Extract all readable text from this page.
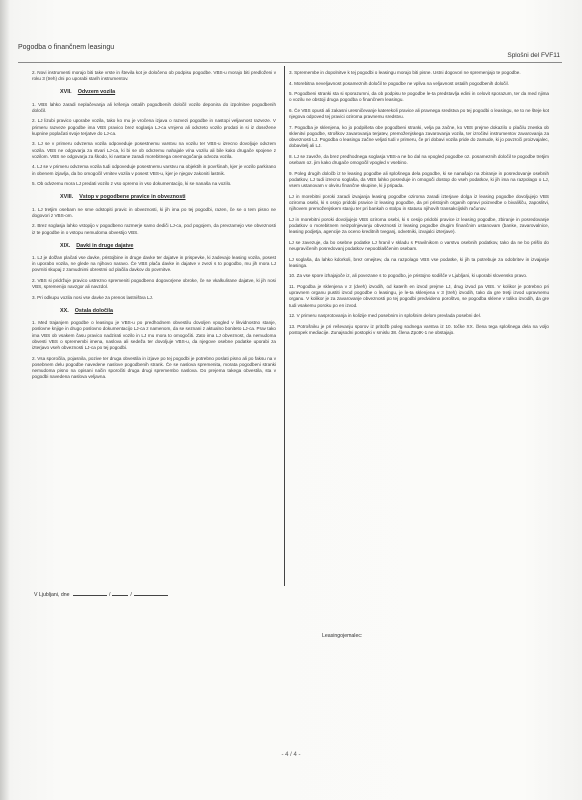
Pogodba o finančnem leasingu
Splošni del FVF11

2. Novi instrumenti morajo biti take vrste in števila kot je določeno ob podpisu pogodbe. VBS-u morajo biti predloženi v roku 3 (treh) dni po uporabi starih instrumentov.

XVII. Odvzem vozila

1. VBS lahko zaradi neplačevanja ali kršenja ostalih pogodbenih določil vozilo deponira do izpolnitve pogodbenih določil.

2. LJ lizubi pravico uporabe vozila, tako ko mu je vročena izjava o razvezi pogodbe in nastopi veljavnost razveze. V primeru razveze pogodbe ima VBS pravico brez soglasja LJ-ca vrnjeno ali odvzeto vozilo prodati in si iz dosežene kupnine poplačati svoje terjatve do LJ-ca.

3. LJ se v primeru odvzema vozila odpoveduje posestnemu varstvu na vozilu ter VBS-u izrecno dovoljuje odvzem vozila. VBS ne odgovarja za stvari LJ-ca, ki bi se ob odvzemu nahajale v/na vozilu ali bile kako drugače spojene z vozilom. VBS ne odgovarja za škodo, ki nastane zaradi morebitnega onemogočanja odvoza vozila.

4. LJ se v primeru odvzema vozila tudi odpoveduje posestnemu varstvu na objektih in površinah, kjer je vozilo parkirano in obenem izjavlja, da bo omogočil vrnitev vozila v posest VBS-u, kjer je njegov zakoniti lastnik.

5. Ob odvzemu mora LJ predati vozilo z vso opremo in vso dokumentacijo, ki se nanaša na vozilo.

XVIII. Vstop v pogodbene pravice in obveznosti

1. LJ tretjim osebam ne sme odstopiti pravic in obveznosti, ki jih ima po tej pogodbi, razen, če se o tem pisno ne dogovori z VBS-om.

2. Brez soglasja lahko vstopijo v pogodbeno razmerje samo dediči LJ-ca, pod pogojem, da prevzamejo vse obveznosti iz te pogodbe in o vstopu nemudoma obvestijo VBS.

XIX. Davki in druge dajatve

1. LJ je dolžan plačati vse davke, pristojbine in druge davke ter dajatve in prispevke, ki zadevajo leasing vozila, posest in uporabo vozila, ne glede na njihovo naravo. Če VBS plača davke in dajatve v zvezi s to pogodbo, mu jih mora LJ povrniti skupaj z zamudnimi obrestmi od plačila davkov do povrnitve.

2. VBS si pridržuje pravico ustrezno spremeniti pogodbeno dogovorjene obroke, če se vkalkulirane dajatve, ki jih nosi VBS, spremenijo navzgor ali navzdol.

3. Pri odkupu vozila nosi vse davke za prenos lastništva LJ.

XX. Ostala določila

1. Med trajanjem pogodbe o leasingu je VBS-u po predhodnem obvestilu dovoljen vpogled v likvidnostno stanje, poslovne knjige in drugo poslovno dokumentacijo LJ-ca z namenom, da se seznani z aktualno boniteto LJ-ca. Prav tako ima VBS ob vsakem času pravico nadzirati vozilo in LJ mu mora to omogočiti. Zato ima LJ obveznost, da nemudoma obvesti VBS o spremembi imena, naslova ali sedeža ter dovoljuje VBS-u, da njegove osebne podatke uporabi za izterjavo vseh obveznosti LJ-ca po tej pogodbi.

2. Vsa sporočila, pojasnila, pozive ter druga obvestila in izjave po tej pogodbi je potrebno poslati pisno ali po faksu na v posebnem delu pogodbe navedene naslove pogodbenih strank. Če se naslova spremenita, morata pogodbeni stranki nemudoma pisno na opisani način sporočiti druga drugi spremembo naslova. Do prejema takega obvestila, sta v pogodbi navedena naslova veljavna.

3. Spremembe in dopolnitve k tej pogodbi o leasingu morajo biti pisne. Ustni dogovori ne spremenjajo te pogodbe.

4. Morebitna neveljavnost posameznih določil te pogodbe ne vpliva na veljavnost ostalih pogodbenih določil.

5. Pogodbeni stranki sta si sporazumni, da ob podpisu te pogodbe le-ta predstavlja edini in celovit sporazum, ter da med njima o vozilu ne obstoji druga pogodba o finančnem leasingu.

6. Če VBS opusti ali zakasni uresničevanje katerekoli pravice ali pravnega sredstva po tej pogodbi o leasingu, se to ne šteje kot njegova odpoved tej pravici oziroma pravnemu sredstvu.

7. Pogodba je sklenjena, ko jo podpišeta obe pogodbeni stranki, velja pa začne, ko VBS prejme dokazilo o plačilu zneska ob sklenitvi pogodbe, stroškov zavarovanja terjatev, premoženjskega zavarovanja vozila, ter izročitvi instrumentov zavarovanja za obveznosti LJ. Pogodba o leasingu začne veljati tudi v primeru, če pri dobavi vozila pride do zamude, ki jo povzroči proizvajalec, dobavitelj ali LJ.

8. LJ se zaveže, da brez predhodnega soglasja VBS-a ne bo dal na vpogled pogodbe oz. posameznih določil te pogodbe tretjim osebam oz. jim kako drugače omogočil vpogled v vsebino.

9. Poleg drugih določb iz te leasing pogodbe ali splošnega dela pogodbe, ki se nanašajo na zbiranje in posredovanje osebnih podatkov, LJ tudi izrecno soglaša, da VBS lahko posreduje in omogoči dostop do vseh podatkov, ki jih ima na razpolago o LJ, vsem ustanovam v okviru finančne skupine, ki ji pripada.

LJ in morebitni poroki zaradi izvajanja leasing pogodbe oziroma zaradi izterjave dolga iz leasing pogodbe dovoljujejo VBS oziroma osebi, ki s osnjo pridobi pravice iz leasing pogodbe, da pri pristojnih organih opravi poizvedbe o bivališču, zaposlitvi, njihovem premoženjskem stanju ter pri bankah o stolpu in statusu njihovih transakcijskih računov.

LJ in morebitni poroki dovoljujejo VBS oziroma osebi, ki s cesijo pridobi pravice iz leasing pogodbe, zbiranje in posredovanje podatkov o morebitnem neizpolnjevanju obveznosti iz leasing pogodbe drugim finančnim ustanovam (banke, zavarovalnice, leasing podjetja, agencije za oceno kreditnih tveganj, odvetniki, izvajalci izterjave).

LJ se zavezuje, da bo osebne podatke LJ hranil v skladu s Pravilnikom o varstvu osebnih podatkov, tako da ne bo prišlo do neupravičenih posredovanj podatkov nepooblaščenim osebam.

LJ soglaša, da lahko kdorkoli, brez omejitev, da na razpolago VBS vse podatke, ki jih ta potrebuje za odobritev in izvajanje leasinga.

10. Za vse spore izhajajoče iz, ali povezane s to pogodbo, je pristojno sodišče v Ljubljani, ki uporabi slovensko pravo.

11. Pogodba je sklenjena v 2 (dveh) izvodih, od katerih en izvod prejme LJ, drug izvod pa VBS. V kolikor je potrebno pri upravnem organu pustiti izvod pogodbe o leasingu, je le-ta sklenjena v 3 (treh) izvodih, tako da gre tretji izvod upravnemu organu. V kolikor je za zavarovanje obveznosti po tej pogodbi predvideno poroštvo, se pogodba sklene v toliko izvodih, da gre tudi vsakemu poroku po en izvod.

12. V primeru nasprotovanja in kolizije med posebnim in splošnim delom prevlada posebni del.

13. Potrošniku je pri reševanju sporov iz pritožb poleg sodnega varstva iz 10. točke XX. člena tega splošnega dela na voljo postopek mediacije. Zunajsodni postopki v smislu 38. člena ZpotK-1 ne obstajajo.

V Ljubljani, dne	/	/
Leasingojemalec:
- 4 / 4 -
